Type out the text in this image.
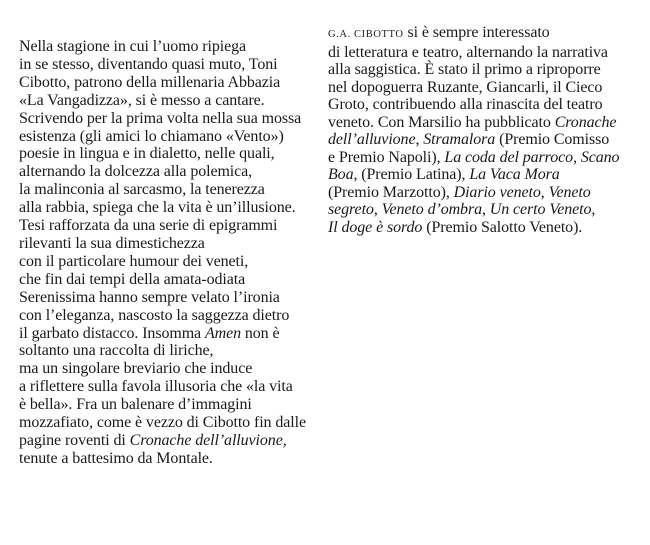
Nella stagione in cui l’uomo ripiega
in se stesso, diventando quasi muto, Toni
Cibotto, patrono della millenaria Abbazia
«La Vangadizza», si è messo a cantare.
Scrivendo per la prima volta nella sua mossa
esistenza (gli amici lo chiamano «Vento»)
poesie in lingua e in dialetto, nelle quali,
alternando la dolcezza alla polemica,
la malinconia al sarcasmo, la tenerezza
alla rabbia, spiega che la vita è un’illusione.
Tesi rafforzata da una serie di epigrammi
rilevanti la sua dimestichezza
con il particolare humour dei veneti,
che fin dai tempi della amata-odiata
Serenissima hanno sempre velato l’ironia
con l’eleganza, nascosto la saggezza dietro
il garbato distacco. Insomma Amen non è
soltanto una raccolta di liriche,
ma un singolare breviario che induce
a riflettere sulla favola illusoria che «la vita
è bella». Fra un balenare d’immagini
mozzafiato, come è vezzo di Cibotto fin dalle
pagine roventi di Cronache dell’alluvione,
tenute a battesimo da Montale.
G.A. CIBOTTO si è sempre interessato
di letteratura e teatro, alternando la narrativa
alla saggistica. È stato il primo a riproporre
nel dopoguerra Ruzante, Giancarli, il Cieco
Groto, contribuendo alla rinascita del teatro
veneto. Con Marsilio ha pubblicato Cronache
dell’alluvione, Stramalora (Premio Comisso
e Premio Napoli), La coda del parroco, Scano
Boa, (Premio Latina), La Vaca Mora
(Premio Marzotto), Diario veneto, Veneto
segreto, Veneto d’ombra, Un certo Veneto,
Il doge è sordo (Premio Salotto Veneto).
